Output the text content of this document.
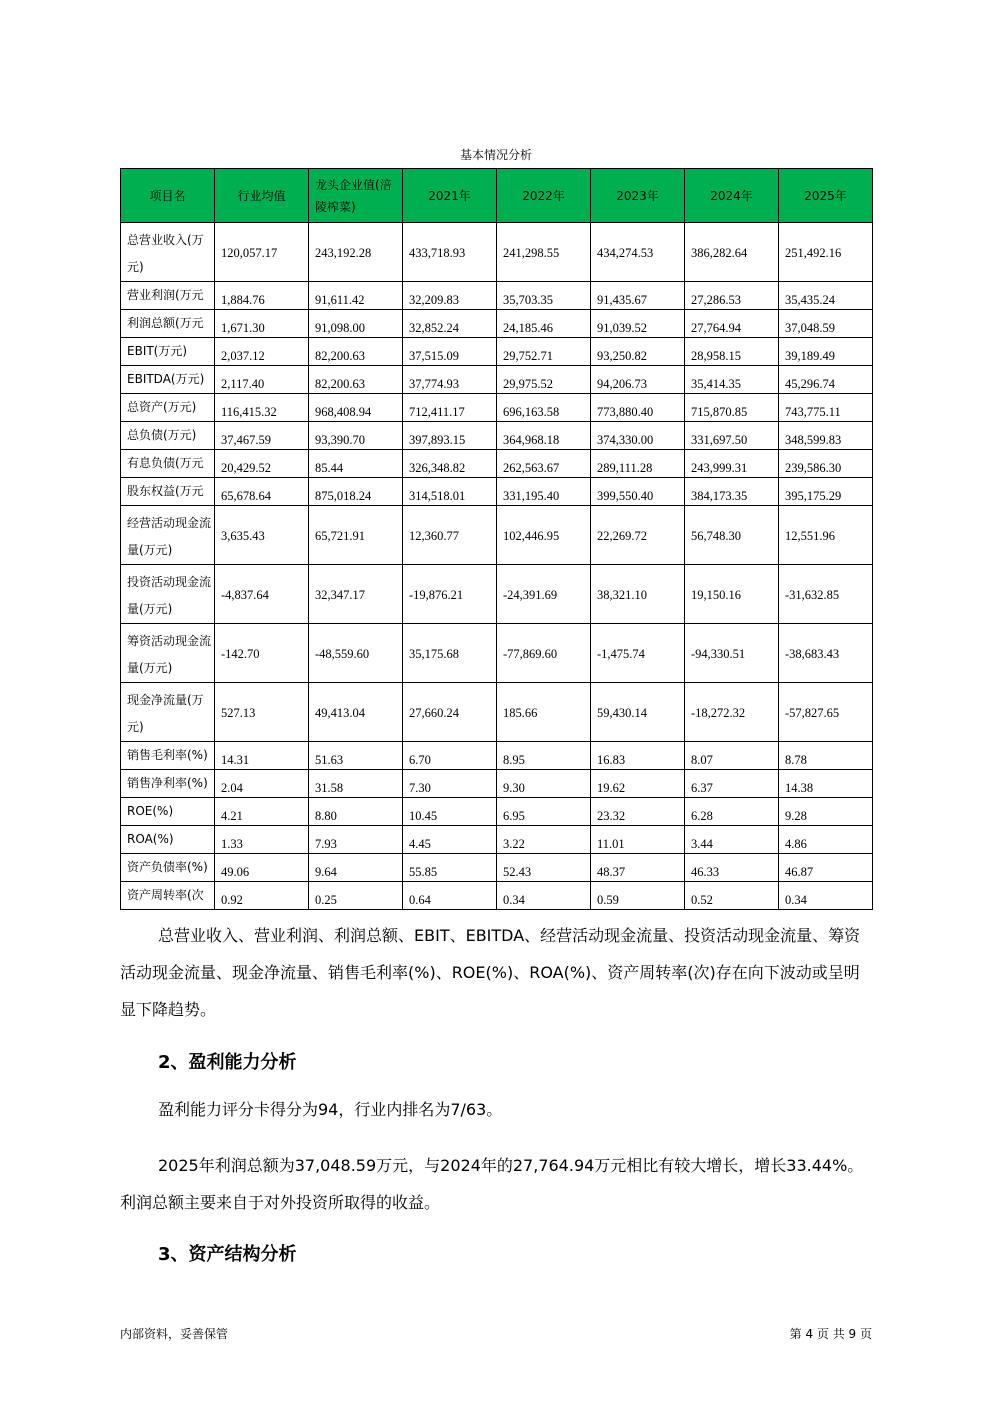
基本情况分析
项目名	行业均值	龙头企业值(涪陵榨菜)	2021年	2022年	2023年	2024年	2025年
总营业收入(万元)	120,057.17	243,192.28	433,718.93	241,298.55	434,274.53	386,282.64	251,492.16
营业利润(万元	1,884.76	91,611.42	32,209.83	35,703.35	91,435.67	27,286.53	35,435.24
利润总额(万元	1,671.30	91,098.00	32,852.24	24,185.46	91,039.52	27,764.94	37,048.59
EBIT(万元)	2,037.12	82,200.63	37,515.09	29,752.71	93,250.82	28,958.15	39,189.49
EBITDA(万元)	2,117.40	82,200.63	37,774.93	29,975.52	94,206.73	35,414.35	45,296.74
总资产(万元)	116,415.32	968,408.94	712,411.17	696,163.58	773,880.40	715,870.85	743,775.11
总负债(万元)	37,467.59	93,390.70	397,893.15	364,968.18	374,330.00	331,697.50	348,599.83
有息负债(万元	20,429.52	85.44	326,348.82	262,563.67	289,111.28	243,999.31	239,586.30
股东权益(万元	65,678.64	875,018.24	314,518.01	331,195.40	399,550.40	384,173.35	395,175.29
经营活动现金流量(万元)	3,635.43	65,721.91	12,360.77	102,446.95	22,269.72	56,748.30	12,551.96
投资活动现金流量(万元)	-4,837.64	32,347.17	-19,876.21	-24,391.69	38,321.10	19,150.16	-31,632.85
筹资活动现金流量(万元)	-142.70	-48,559.60	35,175.68	-77,869.60	-1,475.74	-94,330.51	-38,683.43
现金净流量(万元)	527.13	49,413.04	27,660.24	185.66	59,430.14	-18,272.32	-57,827.65
销售毛利率(%)	14.31	51.63	6.70	8.95	16.83	8.07	8.78
销售净利率(%)	2.04	31.58	7.30	9.30	19.62	6.37	14.38
ROE(%)	4.21	8.80	10.45	6.95	23.32	6.28	9.28
ROA(%)	1.33	7.93	4.45	3.22	11.01	3.44	4.86
资产负债率(%)	49.06	9.64	55.85	52.43	48.37	46.33	46.87
资产周转率(次	0.92	0.25	0.64	0.34	0.59	0.52	0.34

总营业收入、营业利润、利润总额、EBIT、EBITDA、经营活动现金流量、投资活动现金流量、筹资活动现金流量、现金净流量、销售毛利率(%)、ROE(%)、ROA(%)、资产周转率(次)存在向下波动或呈明显下降趋势。

2、盈利能力分析

盈利能力评分卡得分为94，行业内排名为7/63。

2025年利润总额为37,048.59万元，与2024年的27,764.94万元相比有较大增长，增长33.44%。利润总额主要来自于对外投资所取得的收益。

3、资产结构分析
内部资料，妥善保管	第 4 页 共 9 页
